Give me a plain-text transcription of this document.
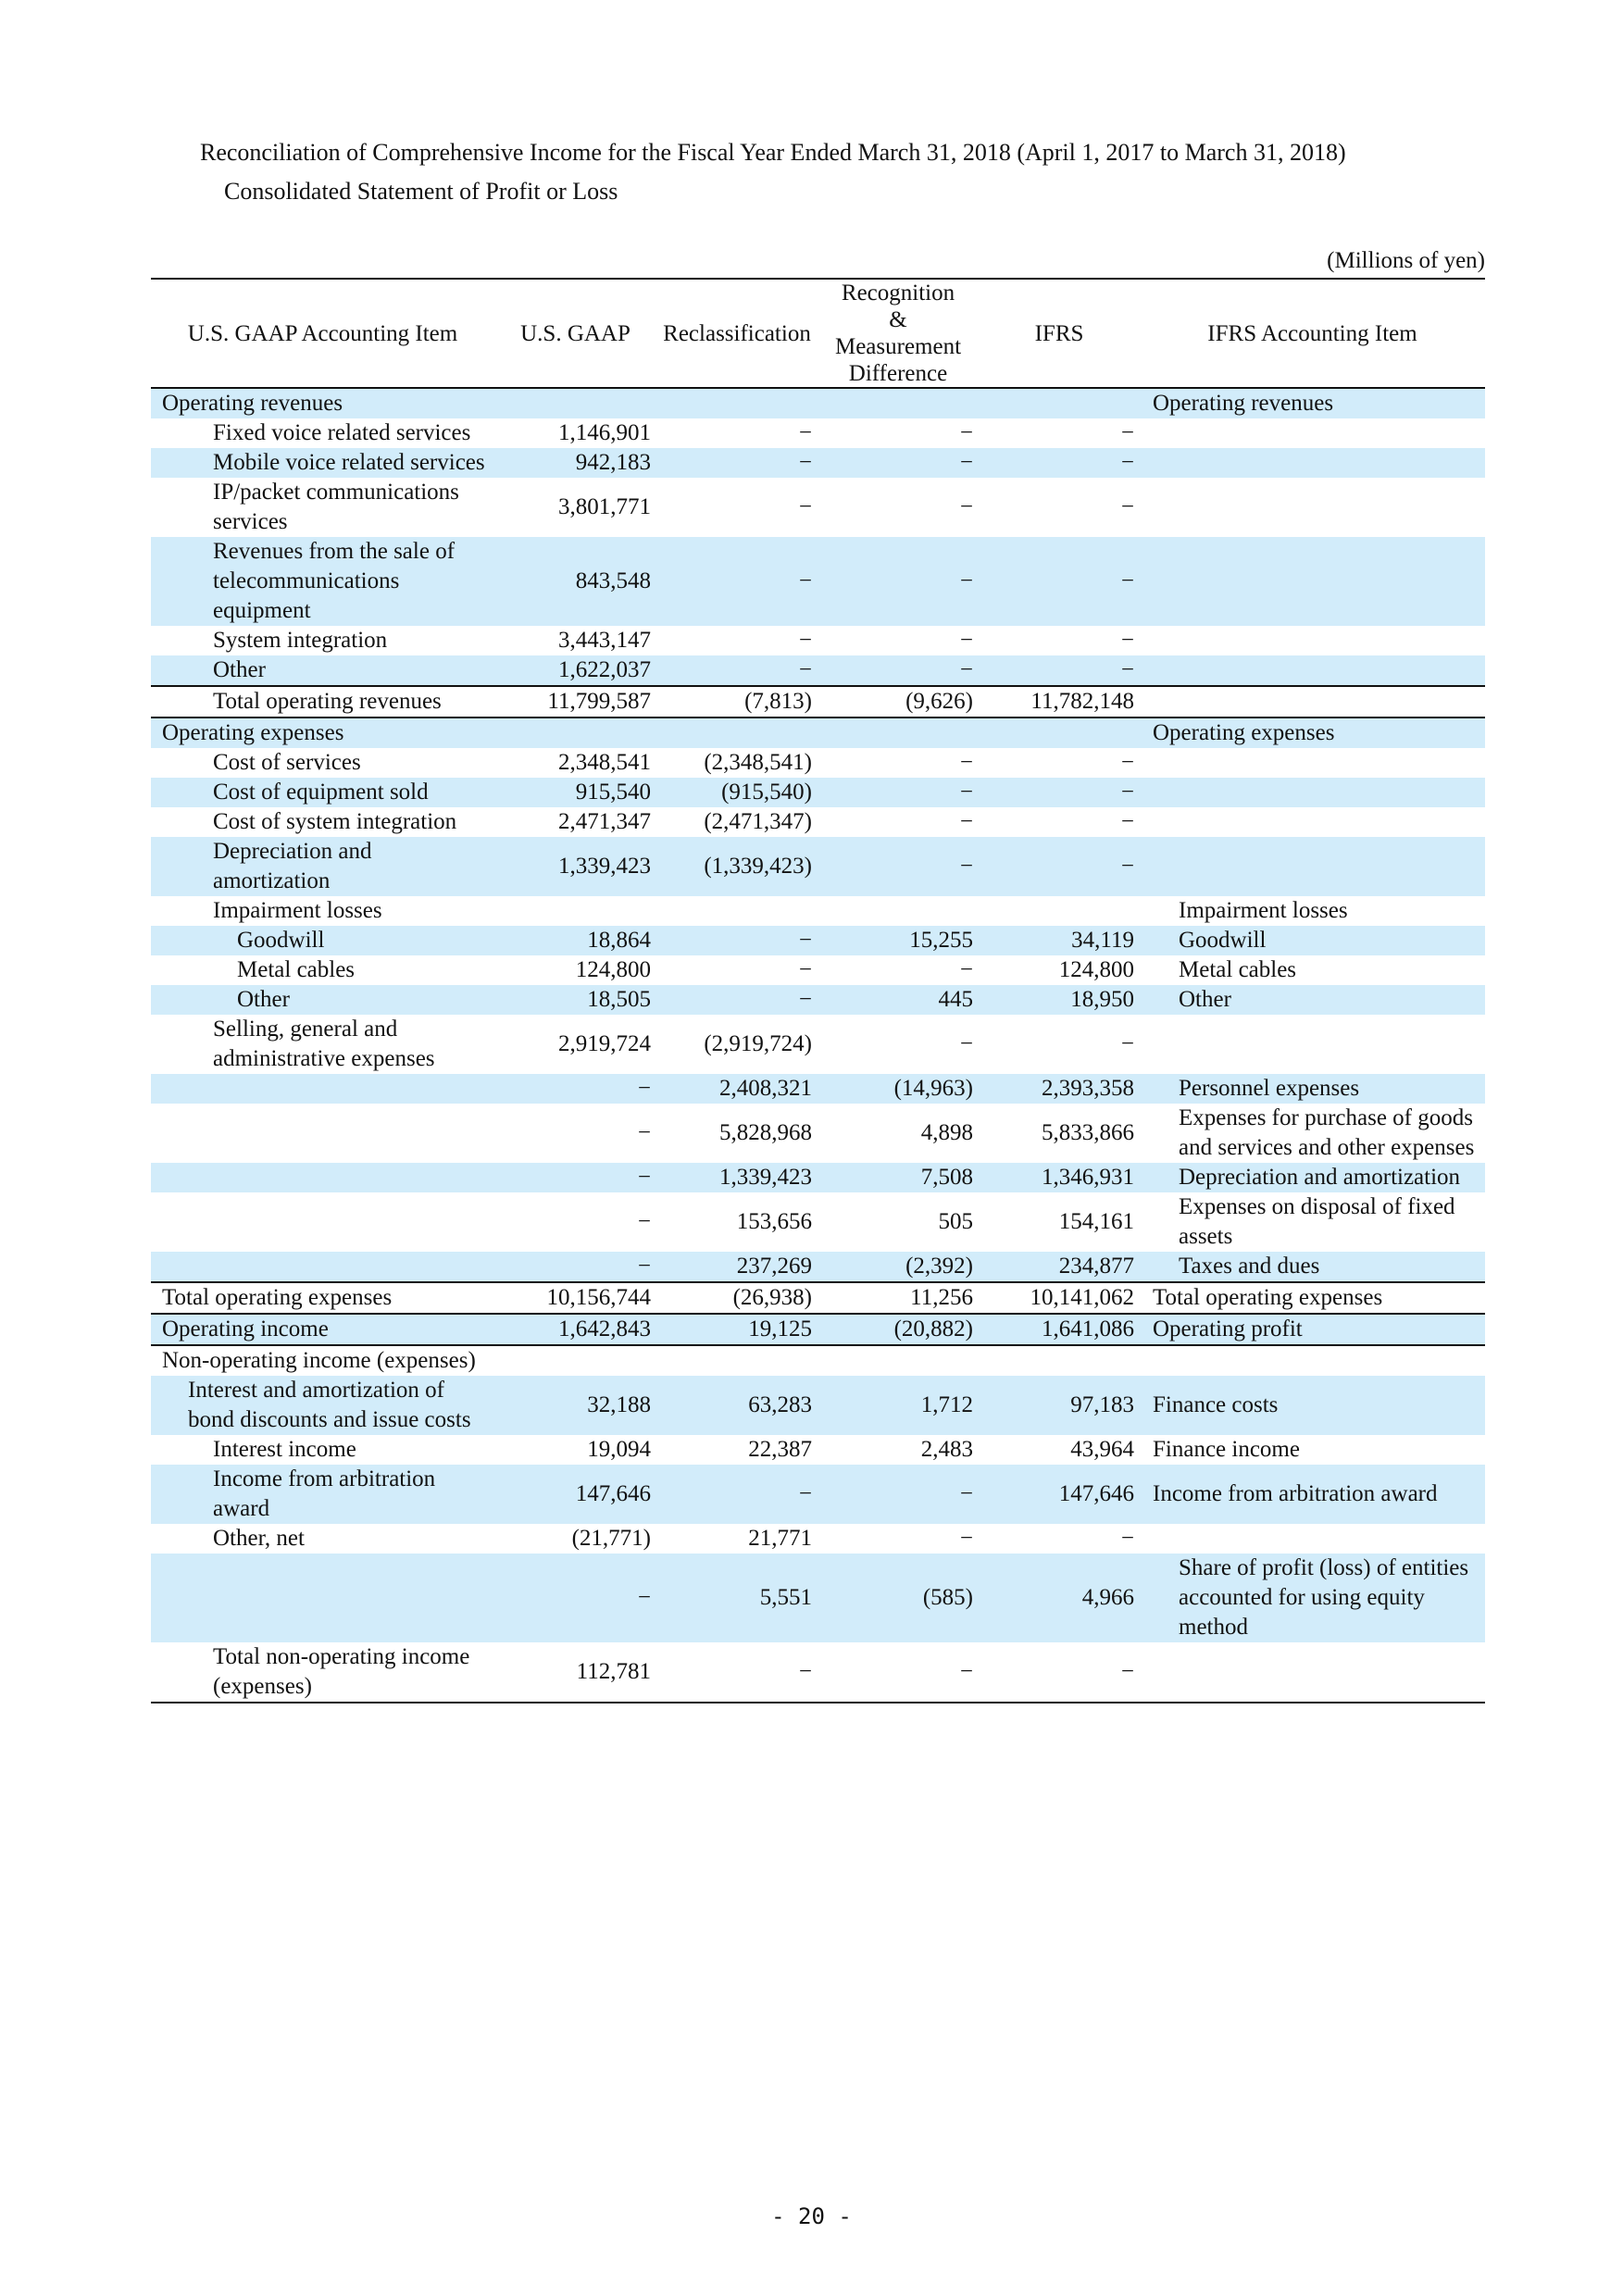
Reconciliation of Comprehensive Income for the Fiscal Year Ended March 31, 2018 (April 1, 2017 to March 31, 2018)
Consolidated Statement of Profit or Loss
(Millions of yen)
U.S. GAAP Accounting Item	U.S. GAAP	Reclassification	Recognition & Measurement Difference	IFRS	IFRS Accounting Item
Operating revenues					Operating revenues
Fixed voice related services	1,146,901	−	−	−	
Mobile voice related services	942,183	−	−	−	
IP/packet communications services	3,801,771	−	−	−	
Revenues from the sale of telecommunications equipment	843,548	−	−	−	
System integration	3,443,147	−	−	−	
Other	1,622,037	−	−	−	
Total operating revenues	11,799,587	(7,813)	(9,626)	11,782,148	
Operating expenses					Operating expenses
Cost of services	2,348,541	(2,348,541)	−	−	
Cost of equipment sold	915,540	(915,540)	−	−	
Cost of system integration	2,471,347	(2,471,347)	−	−	
Depreciation and amortization	1,339,423	(1,339,423)	−	−	
Impairment losses					Impairment losses
Goodwill	18,864	−	15,255	34,119	Goodwill
Metal cables	124,800	−	−	124,800	Metal cables
Other	18,505	−	445	18,950	Other
Selling, general and administrative expenses	2,919,724	(2,919,724)	−	−	
	−	2,408,321	(14,963)	2,393,358	Personnel expenses
	−	5,828,968	4,898	5,833,866	Expenses for purchase of goods and services and other expenses
	−	1,339,423	7,508	1,346,931	Depreciation and amortization
	−	153,656	505	154,161	Expenses on disposal of fixed assets
	−	237,269	(2,392)	234,877	Taxes and dues
Total operating expenses	10,156,744	(26,938)	11,256	10,141,062	Total operating expenses
Operating income	1,642,843	19,125	(20,882)	1,641,086	Operating profit
Non-operating income (expenses)					
Interest and amortization of bond discounts and issue costs	32,188	63,283	1,712	97,183	Finance costs
Interest income	19,094	22,387	2,483	43,964	Finance income
Income from arbitration award	147,646	−	−	147,646	Income from arbitration award
Other, net	(21,771)	21,771	−	−	
	−	5,551	(585)	4,966	Share of profit (loss) of entities accounted for using equity method
Total non-operating income (expenses)	112,781	−	−	−	
- 20 -
